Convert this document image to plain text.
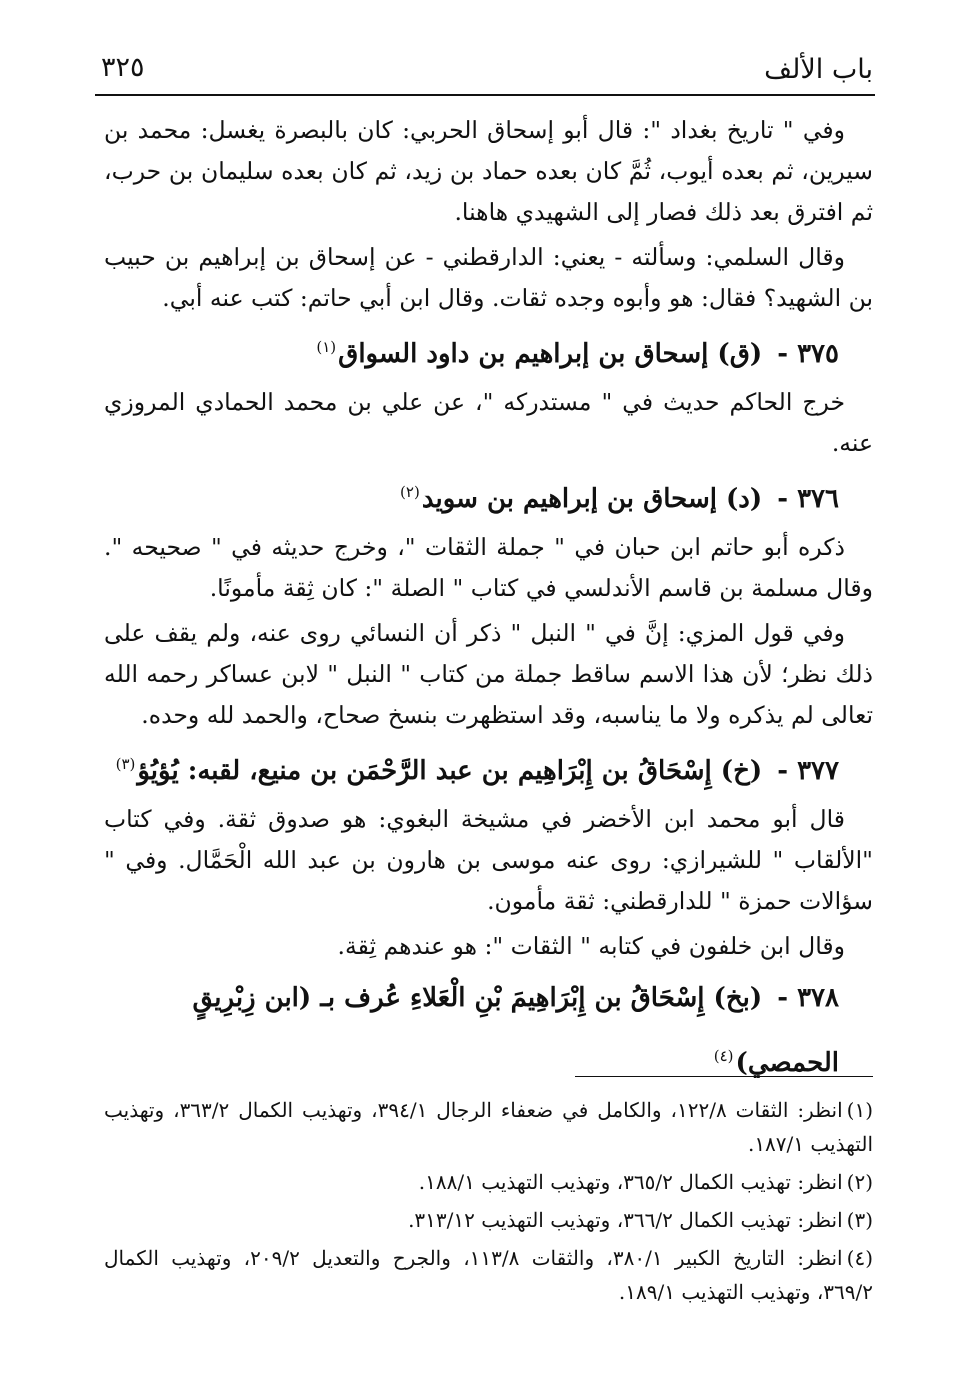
باب الألف
٣٢٥

وفي " تاريخ بغداد ": قال أبو إسحاق الحربي: كان بالبصرة يغسل: محمد بن سيرين، ثم بعده أيوب، ثُمَّ كان بعده حماد بن زيد، ثم كان بعده سليمان بن حرب، ثم افترق بعد ذلك فصار إلى الشهيدي هاهنا.

وقال السلمي: وسألته - يعني: الدارقطني - عن إسحاق بن إبراهيم بن حبيب بن الشهيد؟ فقال: هو وأبوه وجده ثقات. وقال ابن أبي حاتم: كتب عنه أبي.

٣٧٥ - (ق) إسحاق بن إبراهيم بن داود السواق$^{(١)}$

خرج الحاكم حديث في " مستدركه "، عن علي بن محمد الحمادي المروزي عنه.

٣٧٦ - (د) إسحاق بن إبراهيم بن سويد$^{(٢)}$

ذكره أبو حاتم ابن حبان في " جملة الثقات "، وخرج حديثه في " صحيحه ". وقال مسلمة بن قاسم الأندلسي في كتاب " الصلة ": كان ثِقة مأمونًا.

وفي قول المزي: إنَّ في " النبل " ذكر أن النسائي روى عنه، ولم يقف على ذلك نظر؛ لأن هذا الاسم ساقط جملة من كتاب " النبل " لابن عساكر رحمه الله تعالى لم يذكره ولا ما يناسبه، وقد استظهرت بنسخ صحاح، والحمد لله وحده.

٣٧٧ - (خ) إِسْحَاقُ بن إِبْرَاهِيم بن عبد الرَّحْمَن بن منيع، لقبه: يُؤيُؤ$^{(٣)}$

قال أبو محمد ابن الأخضر في مشيخة البغوي: هو صدوق ثقة. وفي كتاب "الألقاب " للشيرازي: روى عنه موسى بن هارون بن عبد الله الْحَمَّال. وفي " سؤالات حمزة " للدارقطني: ثقة مأمون.

وقال ابن خلفون في كتابه " الثقات ": هو عندهم ثِقة.

٣٧٨ - (بخ) إِسْحَاقُ بن إِبْرَاهِيمَ بْنِ الْعَلاءِ عُرف بـ (ابن زِبْرِيقٍ الحمصي)$^{(٤)}$

(١)انظر: الثقات ١٢٢/٨، والكامل في ضعفاء الرجال ٣٩٤/١، وتهذيب الكمال ٣٦٣/٢، وتهذيب التهذيب ١٨٧/١.

(٢)انظر: تهذيب الكمال ٣٦٥/٢، وتهذيب التهذيب ١٨٨/١.

(٣)انظر: تهذيب الكمال ٣٦٦/٢، وتهذيب التهذيب ٣١٣/١٢.

(٤)انظر: التاريخ الكبير ٣٨٠/١، والثقات ١١٣/٨، والجرح والتعديل ٢٠٩/٢، وتهذيب الكمال ٣٦٩/٢، وتهذيب التهذيب ١٨٩/١.
